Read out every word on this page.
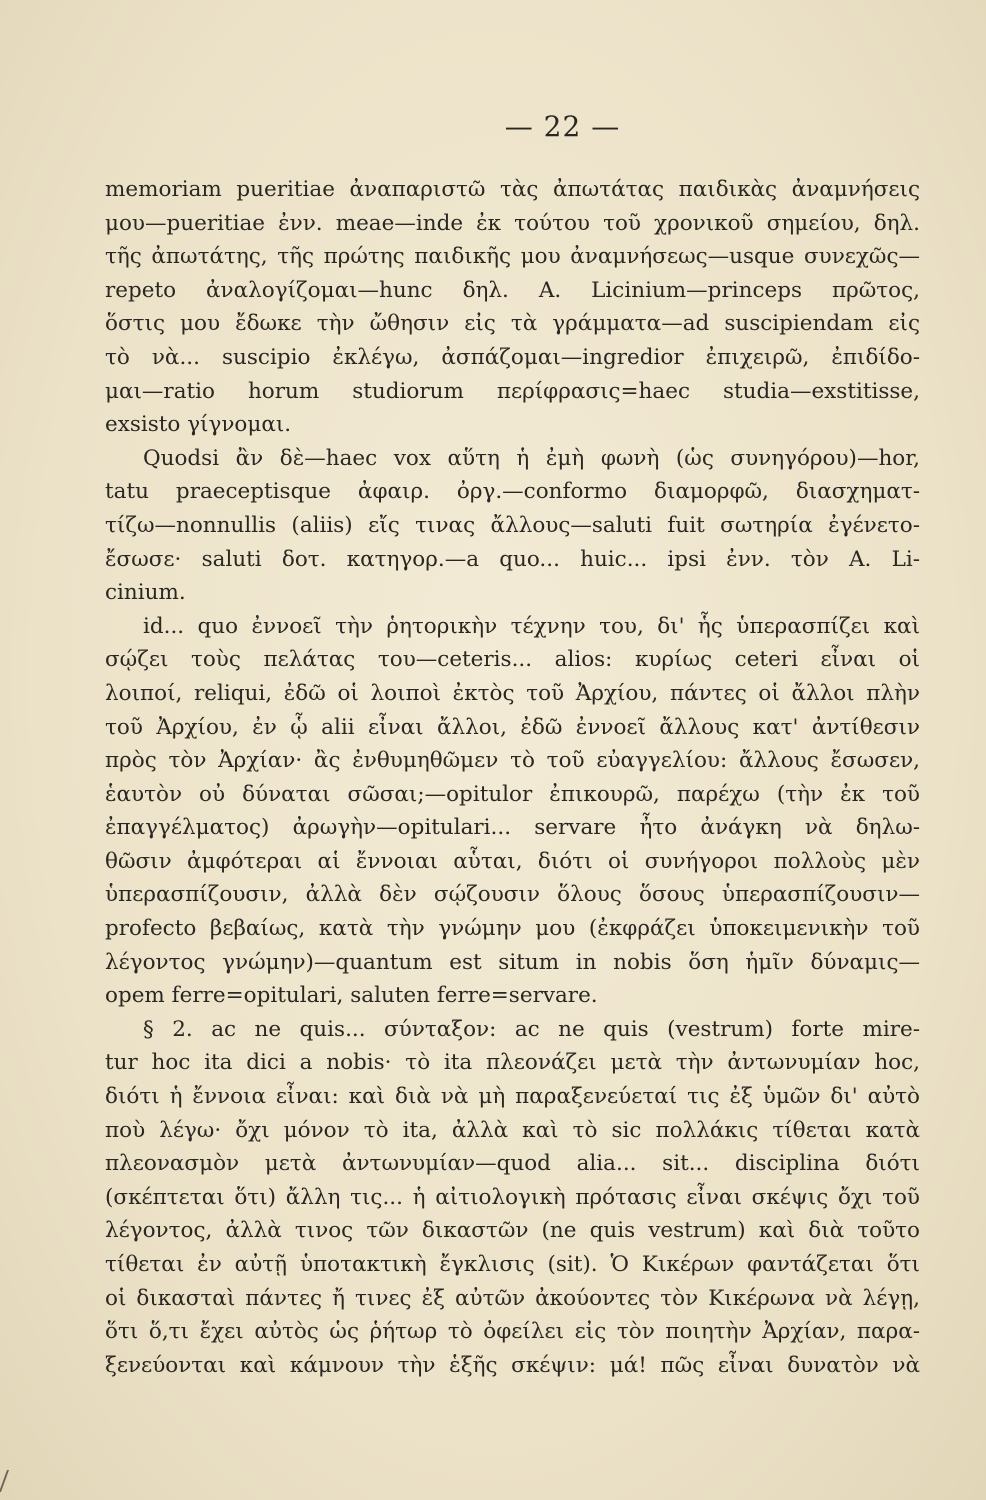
— 22 —
memoriam pueritiae ἀναπαριστῶ τὰς ἀπωτάτας παιδικὰς ἀναμνήσεις
μου—pueritiae ἐνν. meae—inde ἐκ τούτου τοῦ χρονικοῦ σημείου, δηλ.
τῆς ἀπωτάτης, τῆς πρώτης παιδικῆς μου ἀναμνήσεως—usque συνεχῶς—
repeto ἀναλογίζομαι—hunc δηλ. Α. Licinium—princeps πρῶτος,
ὅστις μου ἔδωκε τὴν ὤθησιν εἰς τὰ γράμματα—ad suscipiendam εἰς
τὸ νὰ... suscipio ἐκλέγω, ἀσπάζομαι—ingredior ἐπιχειρῶ, ἐπιδίδο-
μαι—ratio horum studiorum περίφρασις=haec studia—exstitisse,
exsisto γίγνομαι.
Quodsi ἂν δὲ—haec vox αὕτη ἡ ἐμὴ φωνὴ (ὡς συνηγόρου)—hor,
tatu praeceptisque ἀφαιρ. ὀργ.—conformo διαμορφῶ, διασχηματ-
τίζω—nonnullis (aliis) εἴς τινας ἄλλους—saluti fuit σωτηρία ἐγένετο-
ἔσωσε· saluti δοτ. κατηγορ.—a quo... huic... ipsi ἐνν. τὸν Α. Li-
cinium.
id... quo ἐννοεῖ τὴν ῥητορικὴν τέχνην του, δι' ἧς ὑπερασπίζει καὶ
σῴζει τοὺς πελάτας του—ceteris... alios: κυρίως ceteri εἶναι οἱ
λοιποί, reliqui, ἐδῶ οἱ λοιποὶ ἐκτὸς τοῦ Ἀρχίου, πάντες οἱ ἄλλοι πλὴν
τοῦ Ἀρχίου, ἐν ᾧ alii εἶναι ἄλλοι, ἐδῶ ἐννοεῖ ἄλλους κατ' ἀντίθεσιν
πρὸς τὸν Ἀρχίαν· ἂς ἐνθυμηθῶμεν τὸ τοῦ εὐαγγελίου: ἄλλους ἔσωσεν,
ἑαυτὸν οὐ δύναται σῶσαι;—opitulor ἐπικουρῶ, παρέχω (τὴν ἐκ τοῦ
ἐπαγγέλματος) ἀρωγὴν—opitulari... servare ἦτο ἀνάγκη νὰ δηλω-
θῶσιν ἀμφότεραι αἱ ἔννοιαι αὗται, διότι οἱ συνήγοροι πολλοὺς μὲν
ὑπερασπίζουσιν, ἀλλὰ δὲν σῴζουσιν ὅλους ὅσους ὑπερασπίζουσιν—
profecto βεβαίως, κατὰ τὴν γνώμην μου (ἐκφράζει ὑποκειμενικὴν τοῦ
λέγοντος γνώμην)—quantum est situm in nobis ὅση ἡμῖν δύναμις—
opem ferre=opitulari, saluten ferre=servare.
§ 2. ac ne quis... σύνταξον: ac ne quis (vestrum) forte mire-
tur hoc ita dici a nobis· τὸ ita πλεονάζει μετὰ τὴν ἀντωνυμίαν hoc,
διότι ἡ ἔννοια εἶναι: καὶ διὰ νὰ μὴ παραξενεύεταί τις ἐξ ὑμῶν δι' αὐτὸ
ποὺ λέγω· ὄχι μόνον τὸ ita, ἀλλὰ καὶ τὸ sic πολλάκις τίθεται κατὰ
πλεονασμὸν μετὰ ἀντωνυμίαν—quod alia... sit... disciplina διότι
(σκέπτεται ὅτι) ἄλλη τις... ἡ αἰτιολογικὴ πρότασις εἶναι σκέψις ὄχι τοῦ
λέγοντος, ἀλλὰ τινος τῶν δικαστῶν (ne quis vestrum) καὶ διὰ τοῦτο
τίθεται ἐν αὐτῇ ὑποτακτικὴ ἔγκλισις (sit). Ὁ Κικέρων φαντάζεται ὅτι
οἱ δικασταὶ πάντες ἤ τινες ἐξ αὐτῶν ἀκούοντες τὸν Κικέρωνα νὰ λέγῃ,
ὅτι ὅ,τι ἔχει αὐτὸς ὡς ῥήτωρ τὸ ὀφείλει εἰς τὸν ποιητὴν Ἀρχίαν, παρα-
ξενεύονται καὶ κάμνουν τὴν ἑξῆς σκέψιν: μά! πῶς εἶναι δυνατὸν νὰ
